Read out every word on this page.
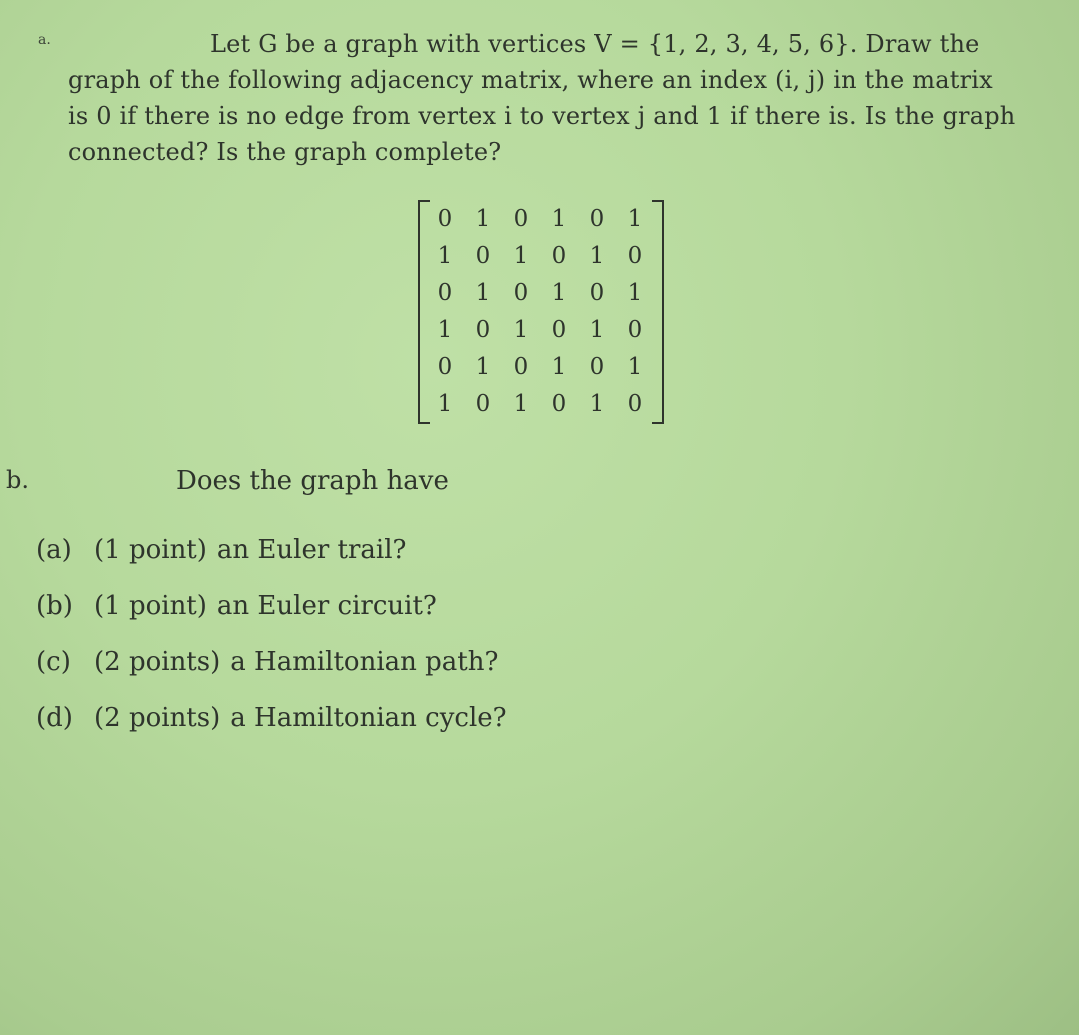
a.	Let G be a graph with vertices V = {1, 2, 3, 4, 5, 6}. Draw the
graph of the following adjacency matrix, where an index (i, j) in the matrix
is 0 if there is no edge from vertex i to vertex j and 1 if there is. Is the graph
connected? Is the graph complete?
0	1	0	1	0	1
1	0	1	0	1	0
0	1	0	1	0	1
1	0	1	0	1	0
0	1	0	1	0	1
1	0	1	0	1	0
b.	Does the graph have
(a) (1 point) an Euler trail?
(b) (1 point) an Euler circuit?
(c) (2 points) a Hamiltonian path?
(d) (2 points) a Hamiltonian cycle?
